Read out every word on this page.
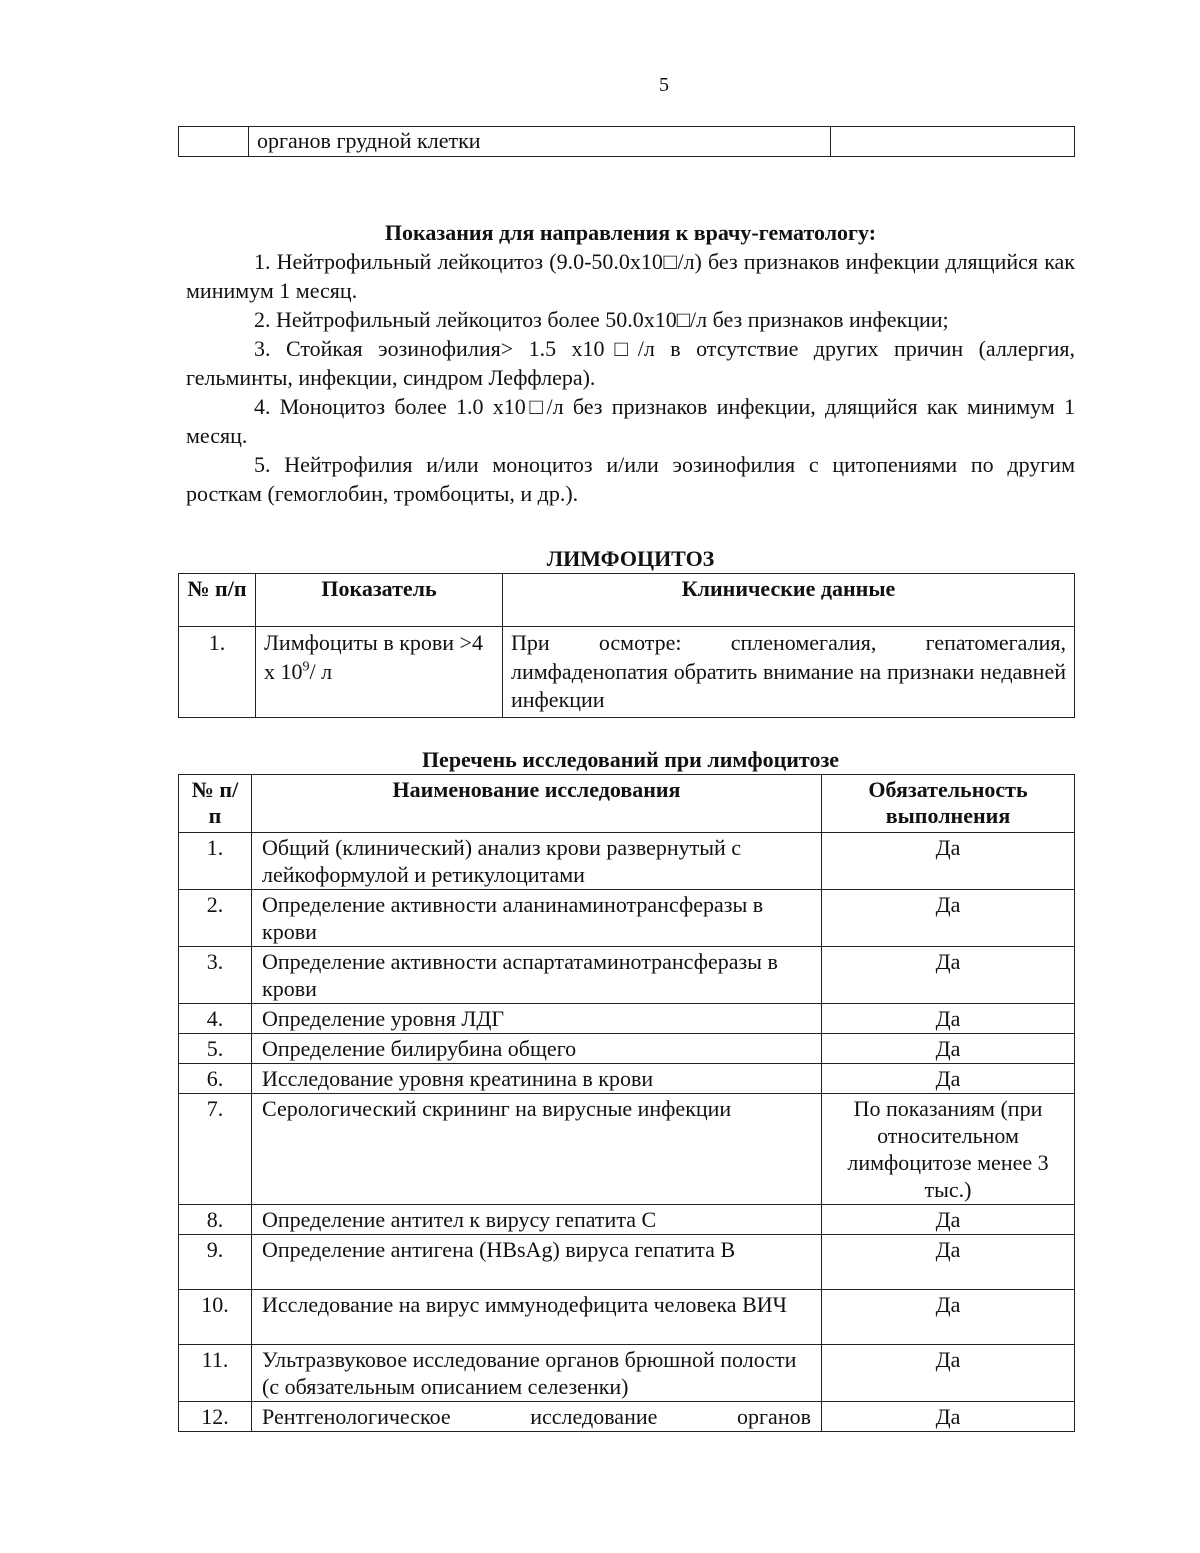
5
	органов грудной клетки	
Показания для направления к врачу-гематологу:

1. Нейтрофильный лейкоцитоз (9.0-50.0х10□/л) без признаков инфекции длящийся как минимум 1 месяц.

2. Нейтрофильный лейкоцитоз более 50.0х10□/л без признаков инфекции;

3. Стойкая эозинофилия> 1.5 х10□/л в отсутствие других причин (аллергия, гельминты, инфекции, синдром Леффлера).

4. Моноцитоз более 1.0 х10□/л без признаков инфекции, длящийся как минимум 1 месяц.

5. Нейтрофилия и/или моноцитоз и/или эозинофилия с цитопениями по другим росткам (гемоглобин, тромбоциты, и др.).

ЛИМФОЦИТОЗ
№ п/п	Показатель	Клинические данные
1.	Лимфоциты в крови >4 х $10^9/$ л	При осмотре: спленомегалия, гепатомегалия, лимфаденопатия обратить внимание на признаки недавней инфекции
Перечень исследований при лимфоцитозе
№ п/п	Наименование исследования	Обязательность выполнения
1.	Общий (клинический) анализ крови развернутый с лейкоформулой и ретикулоцитами	Да
2.	Определение активности аланинаминотрансферазы в крови	Да
3.	Определение активности аспартатаминотрансферазы в крови	Да
4.	Определение уровня ЛДГ	Да
5.	Определение билирубина общего	Да
6.	Исследование уровня креатинина в крови	Да
7.	Серологический скрининг на вирусные инфекции	По показаниям (при относительном лимфоцитозе менее 3 тыс.)
8.	Определение антител к вирусу гепатита С	Да
9.	Определение антигена (HBsAg) вируса гепатита В	Да
10.	Исследование на вирус иммунодефицита человека ВИЧ	Да
11.	Ультразвуковое исследование органов брюшной полости (с обязательным описанием селезенки)	Да
12.	Рентгенологическое исследование органов	Да
